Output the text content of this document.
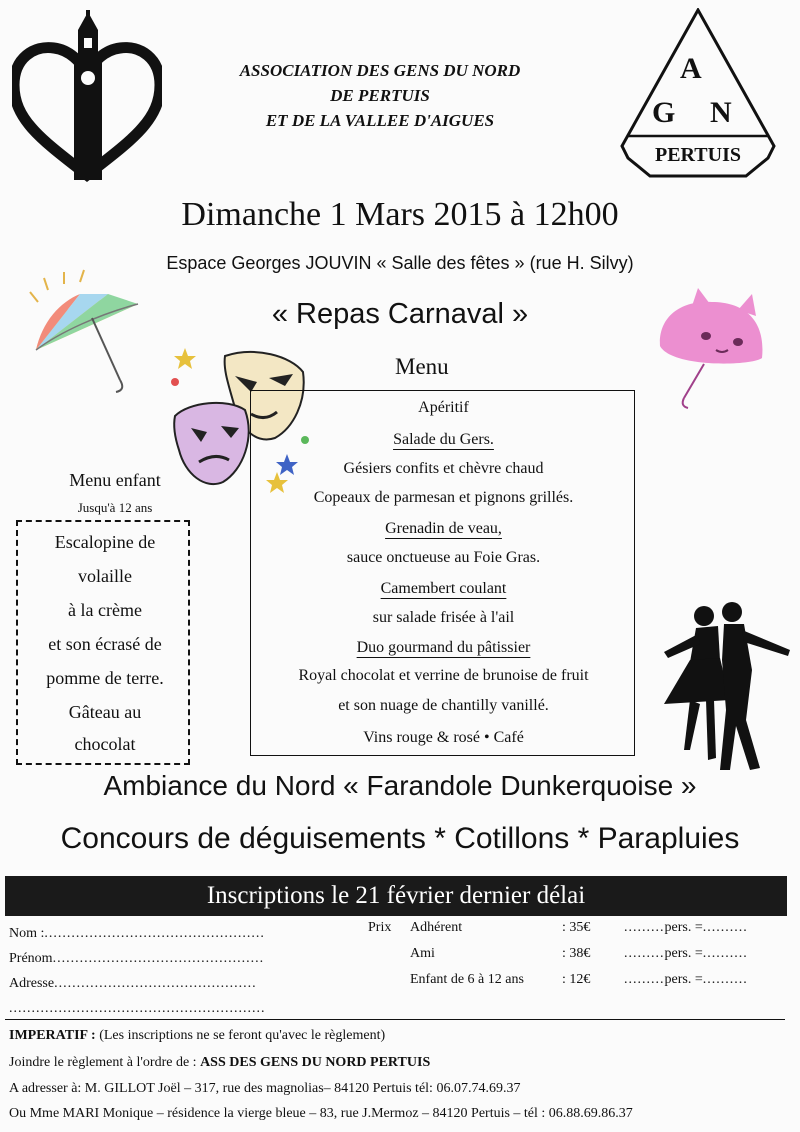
ASSOCIATION DES GENS DU NORD
DE PERTUIS
ET DE LA VALLEE D'AIGUES
A
G N
PERTUIS
Dimanche 1 Mars 2015 à 12h00
Espace Georges JOUVIN « Salle des fêtes » (rue H. Silvy)
« Repas Carnaval »
Menu
Apéritif
Salade du Gers.
Gésiers confits et chèvre chaud
Copeaux de parmesan et pignons grillés.
Grenadin de veau,
sauce onctueuse au Foie Gras.
Camembert coulant
sur salade frisée à l'ail
Duo gourmand du pâtissier
Royal chocolat et verrine de brunoise de fruit
et son nuage de chantilly vanillé.
Vins rouge & rosé • Café
Menu enfant
Jusqu'à 12 ans
Escalopine de
volaille
à la crème
et son écrasé de
pomme de terre.
Gâteau au
chocolat
Ambiance du Nord « Farandole Dunkerquoise »
Concours de déguisements * Cotillons * Parapluies
Inscriptions le 21 février dernier délai
Nom :.................................................
Prénom...............................................
Adresse.............................................
.........................................................
Prix Adhérent	: 35€ .........pers. =..........
Ami	: 38€ .........pers. =..........
Enfant de 6 à 12 ans	: 12€ .........pers. =..........
IMPERATIF : (Les inscriptions ne se feront qu'avec le règlement)
Joindre le règlement à l'ordre de : ASS DES GENS DU NORD PERTUIS
A adresser à: M. GILLOT Joël – 317, rue des magnolias– 84120 Pertuis tél: 06.07.74.69.37
Ou Mme MARI Monique – résidence la vierge bleue – 83, rue J.Mermoz – 84120 Pertuis – tél : 06.88.69.86.37
